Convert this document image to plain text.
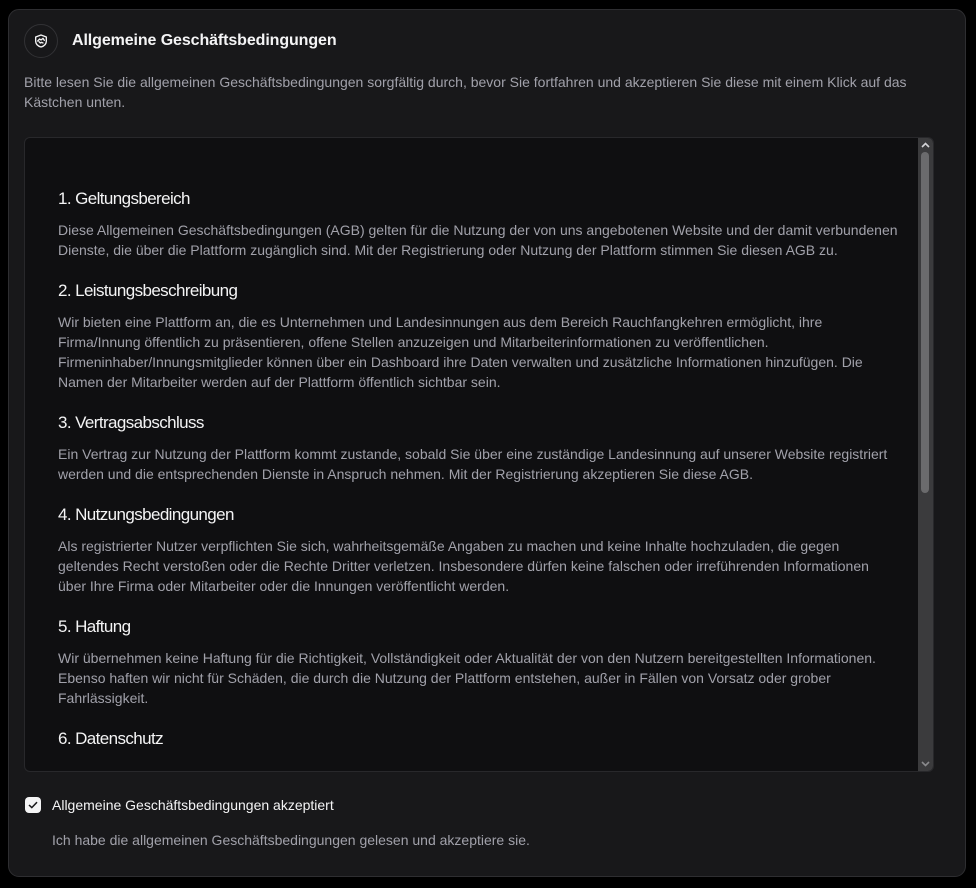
Allgemeine Geschäftsbedingungen
Bitte lesen Sie die allgemeinen Geschäftsbedingungen sorgfältig durch, bevor Sie fortfahren und akzeptieren Sie diese mit einem Klick auf das Kästchen unten.
1. Geltungsbereich

Diese Allgemeinen Geschäftsbedingungen (AGB) gelten für die Nutzung der von uns angebotenen Website und der damit verbundenen Dienste, die über die Plattform zugänglich sind. Mit der Registrierung oder Nutzung der Plattform stimmen Sie diesen AGB zu.

2. Leistungsbeschreibung

Wir bieten eine Plattform an, die es Unternehmen und Landesinnungen aus dem Bereich Rauchfangkehren ermöglicht, ihre Firma/Innung öffentlich zu präsentieren, offene Stellen anzuzeigen und Mitarbeiterinformationen zu veröffentlichen. Firmeninhaber/Innungsmitglieder können über ein Dashboard ihre Daten verwalten und zusätzliche Informationen hinzufügen. Die Namen der Mitarbeiter werden auf der Plattform öffentlich sichtbar sein.

3. Vertragsabschluss

Ein Vertrag zur Nutzung der Plattform kommt zustande, sobald Sie über eine zuständige Landesinnung auf unserer Website registriert werden und die entsprechenden Dienste in Anspruch nehmen. Mit der Registrierung akzeptieren Sie diese AGB.

4. Nutzungsbedingungen

Als registrierter Nutzer verpflichten Sie sich, wahrheitsgemäße Angaben zu machen und keine Inhalte hochzuladen, die gegen geltendes Recht verstoßen oder die Rechte Dritter verletzen. Insbesondere dürfen keine falschen oder irreführenden Informationen über Ihre Firma oder Mitarbeiter oder die Innungen veröffentlicht werden.

5. Haftung

Wir übernehmen keine Haftung für die Richtigkeit, Vollständigkeit oder Aktualität der von den Nutzern bereitgestellten Informationen. Ebenso haften wir nicht für Schäden, die durch die Nutzung der Plattform entstehen, außer in Fällen von Vorsatz oder grober Fahrlässigkeit.

6. Datenschutz

Allgemeine Geschäftsbedingungen akzeptiert
Ich habe die allgemeinen Geschäftsbedingungen gelesen und akzeptiere sie.
